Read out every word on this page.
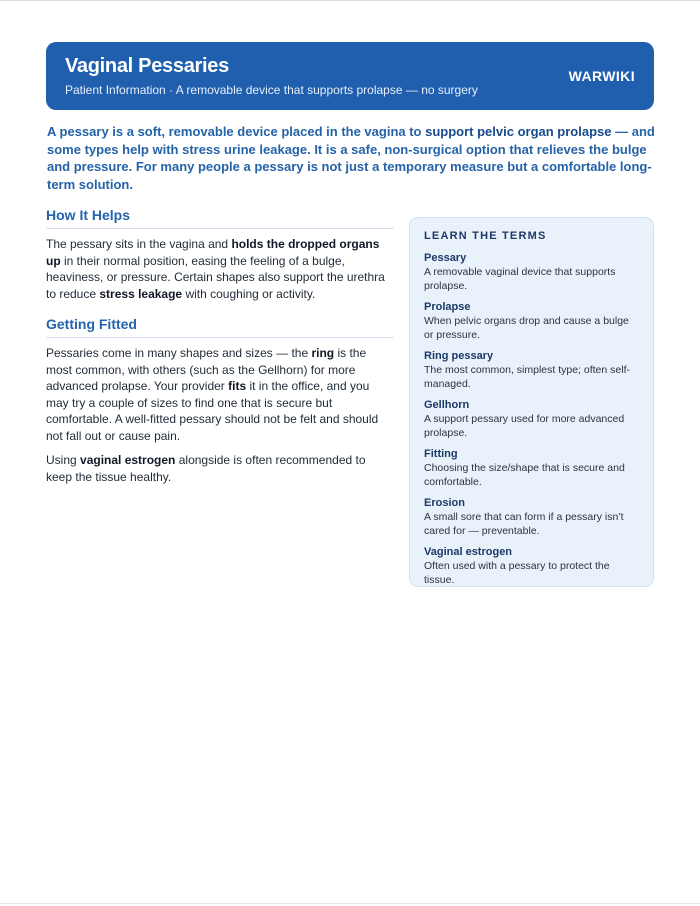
Vaginal Pessaries
Patient Information · A removable device that supports prolapse — no surgery
WARWIKI
A pessary is a soft, removable device placed in the vagina to support pelvic organ prolapse — and some types help with stress urine leakage. It is a safe, non-surgical option that relieves the bulge and pressure. For many people a pessary is not just a temporary measure but a comfortable long-term solution.
How It Helps

The pessary sits in the vagina and holds the dropped organs up in their normal position, easing the feeling of a bulge, heaviness, or pressure. Certain shapes also support the urethra to reduce stress leakage with coughing or activity.

Getting Fitted

Pessaries come in many shapes and sizes — the ring is the most common, with others (such as the Gellhorn) for more advanced prolapse. Your provider fits it in the office, and you may try a couple of sizes to find one that is secure but comfortable. A well-fitted pessary should not be felt and should not fall out or cause pain.

Using vaginal estrogen alongside is often recommended to keep the tissue healthy.

LEARN THE TERMS
Pessary
A removable vaginal device that supports prolapse.
Prolapse
When pelvic organs drop and cause a bulge or pressure.
Ring pessary
The most common, simplest type; often self-managed.
Gellhorn
A support pessary used for more advanced prolapse.
Fitting
Choosing the size/shape that is secure and comfortable.
Erosion
A small sore that can form if a pessary isn’t cared for — preventable.
Vaginal estrogen
Often used with a pessary to protect the tissue.
